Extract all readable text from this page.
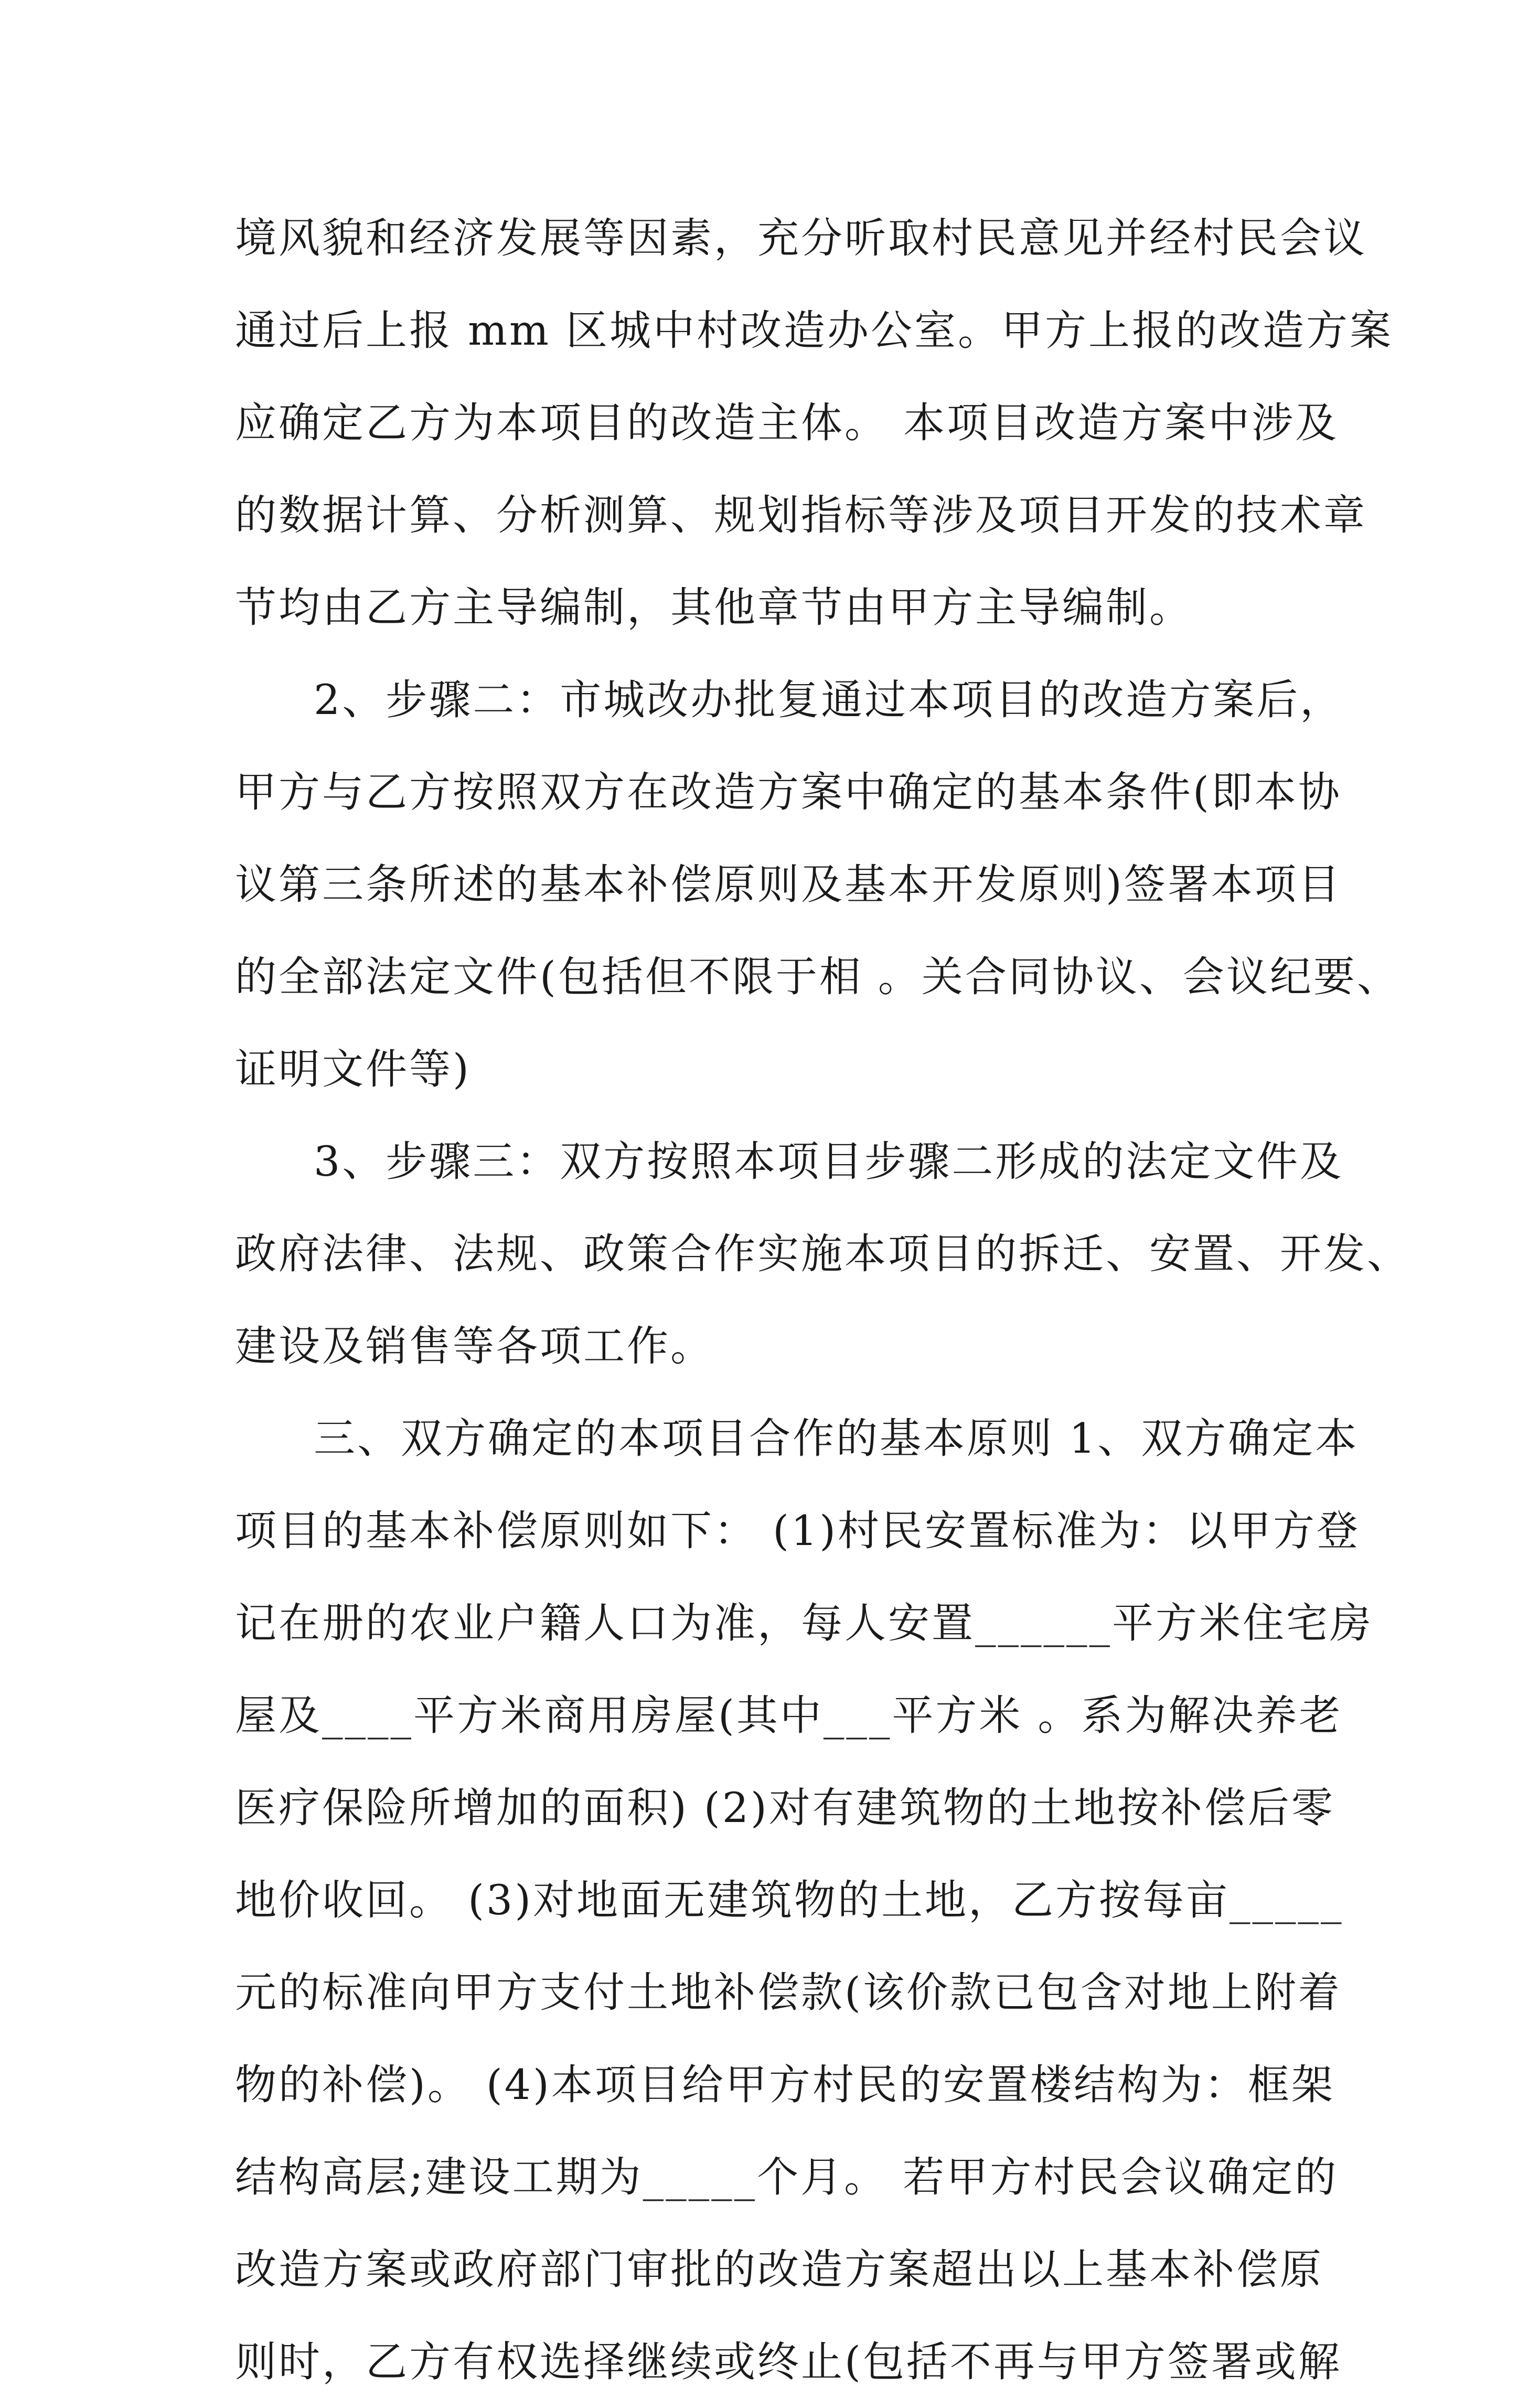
境风貌和经济发展等因素，充分听取村民意见并经村民会议
通过后上报 mm 区城中村改造办公室。甲方上报的改造方案
应确定乙方为本项目的改造主体。 本项目改造方案中涉及
的数据计算、分析测算、规划指标等涉及项目开发的技术章
节均由乙方主导编制，其他章节由甲方主导编制。
2、步骤二：市城改办批复通过本项目的改造方案后，
甲方与乙方按照双方在改造方案中确定的基本条件(即本协
议第三条所述的基本补偿原则及基本开发原则)签署本项目
的全部法定文件(包括但不限于相 。关合同协议、会议纪要、
证明文件等)
3、步骤三：双方按照本项目步骤二形成的法定文件及
政府法律、法规、政策合作实施本项目的拆迁、安置、开发、
建设及销售等各项工作。
三、双方确定的本项目合作的基本原则 1、双方确定本
项目的基本补偿原则如下： (1)村民安置标准为：以甲方登
记在册的农业户籍人口为准，每人安置______平方米住宅房
屋及____平方米商用房屋(其中___平方米 。系为解决养老
医疗保险所增加的面积) (2)对有建筑物的土地按补偿后零
地价收回。 (3)对地面无建筑物的土地，乙方按每亩_____
元的标准向甲方支付土地补偿款(该价款已包含对地上附着
物的补偿)。 (4)本项目给甲方村民的安置楼结构为：框架
结构高层;建设工期为_____个月。 若甲方村民会议确定的
改造方案或政府部门审批的改造方案超出以上基本补偿原
则时，乙方有权选择继续或终止(包括不再与甲方签署或解
